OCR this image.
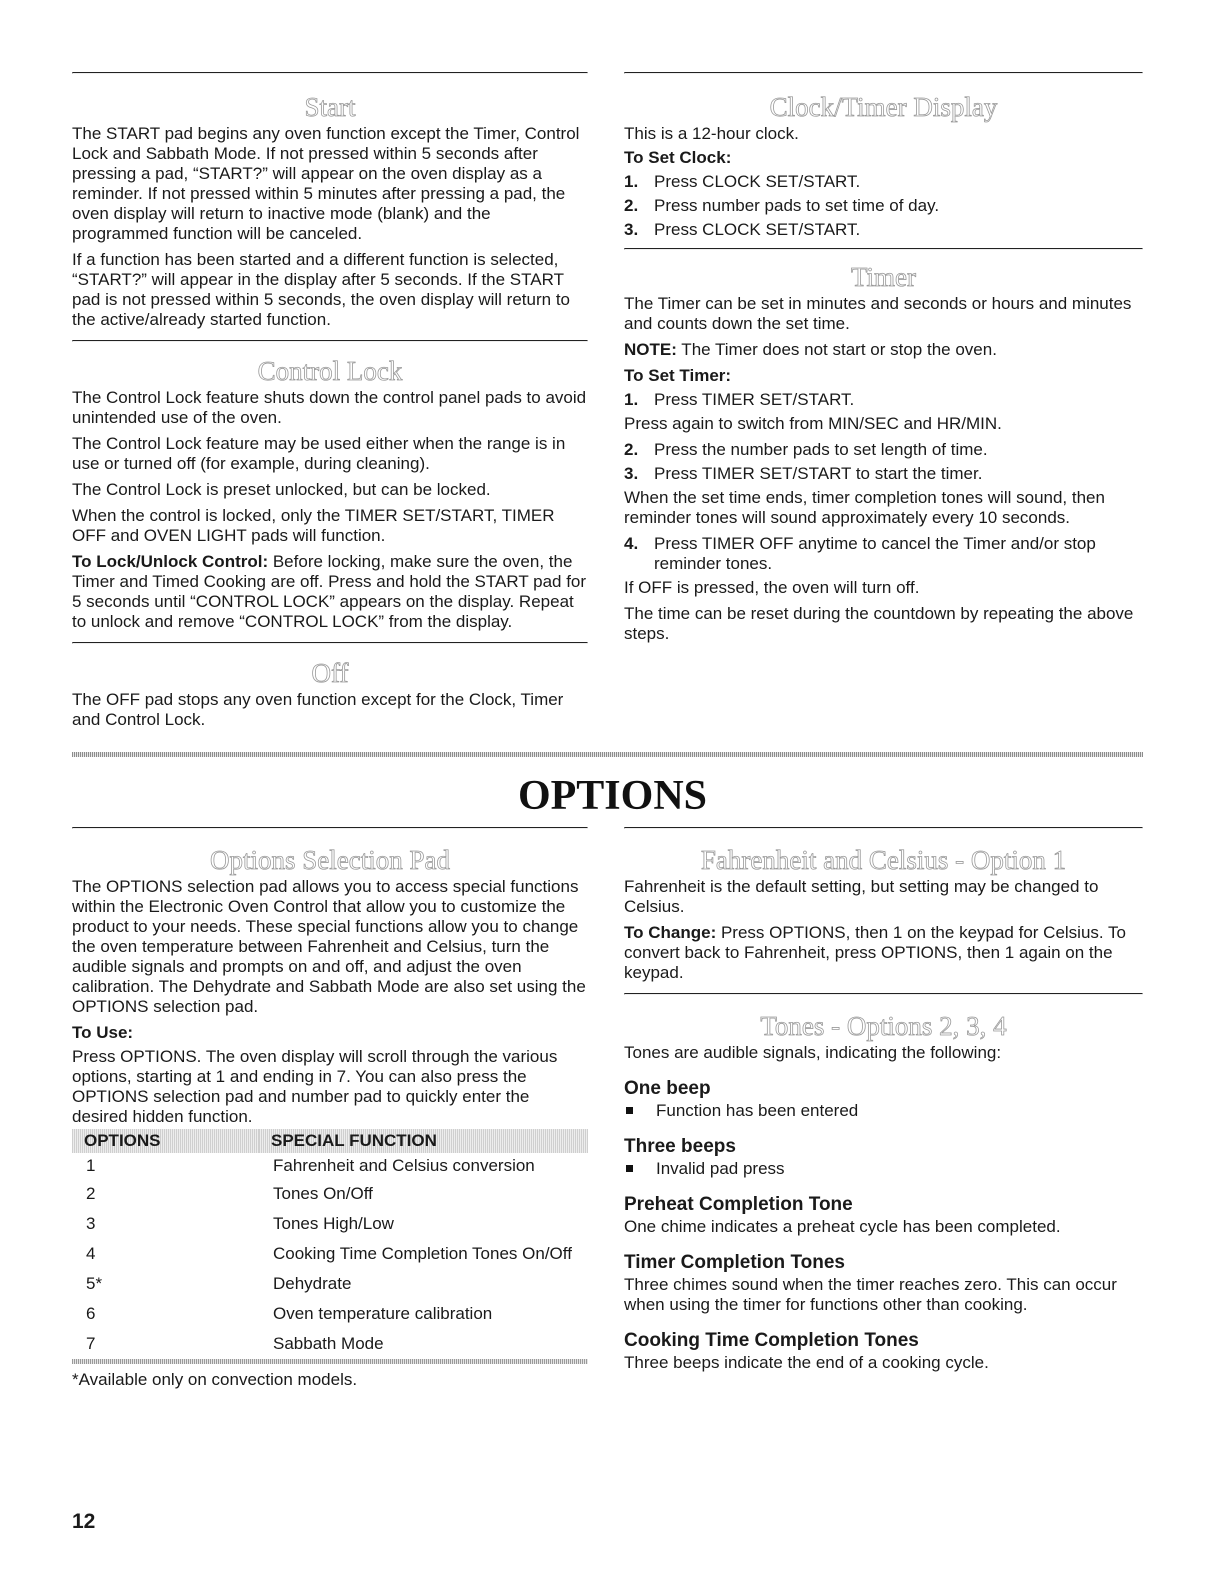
Start

The START pad begins any oven function except the Timer, Control Lock and Sabbath Mode. If not pressed within 5 seconds after pressing a pad, “START?” will appear on the oven display as a reminder. If not pressed within 5 minutes after pressing a pad, the oven display will return to inactive mode (blank) and the programmed function will be canceled.

If a function has been started and a different function is selected, “START?” will appear in the display after 5 seconds. If the START pad is not pressed within 5 seconds, the oven display will return to the active/already started function.

Control Lock

The Control Lock feature shuts down the control panel pads to avoid unintended use of the oven.

The Control Lock feature may be used either when the range is in use or turned off (for example, during cleaning).

The Control Lock is preset unlocked, but can be locked.

When the control is locked, only the TIMER SET/START, TIMER OFF and OVEN LIGHT pads will function.

To Lock/Unlock Control: Before locking, make sure the oven, the Timer and Timed Cooking are off. Press and hold the START pad for 5 seconds until “CONTROL LOCK” appears on the display. Repeat to unlock and remove “CONTROL LOCK” from the display.

Off

The OFF pad stops any oven function except for the Clock, Timer and Control Lock.

Clock/Timer Display

This is a 12-hour clock.

To Set Clock:

1. Press CLOCK SET/START.
2. Press number pads to set time of day.
3. Press CLOCK SET/START.
Timer

The Timer can be set in minutes and seconds or hours and minutes and counts down the set time.

NOTE: The Timer does not start or stop the oven.

To Set Timer:

1. Press TIMER SET/START.

Press again to switch from MIN/SEC and HR/MIN.

2. Press the number pads to set length of time.
3. Press TIMER SET/START to start the timer.

When the set time ends, timer completion tones will sound, then reminder tones will sound approximately every 10 seconds.

4. Press TIMER OFF anytime to cancel the Timer and/or stop reminder tones.

If OFF is pressed, the oven will turn off.

The time can be reset during the countdown by repeating the above steps.

OPTIONS
Options Selection Pad

The OPTIONS selection pad allows you to access special functions within the Electronic Oven Control that allow you to customize the product to your needs. These special functions allow you to change the oven temperature between Fahrenheit and Celsius, turn the audible signals and prompts on and off, and adjust the oven calibration. The Dehydrate and Sabbath Mode are also set using the OPTIONS selection pad.

To Use:

Press OPTIONS. The oven display will scroll through the various options, starting at 1 and ending in 7. You can also press the OPTIONS selection pad and number pad to quickly enter the desired hidden function.

OPTIONS	SPECIAL FUNCTION
1	Fahrenheit and Celsius conversion
2	Tones On/Off
3	Tones High/Low
4	Cooking Time Completion Tones On/Off
5*	Dehydrate
6	Oven temperature calibration
7	Sabbath Mode

*Available only on convection models.

Fahrenheit and Celsius - Option 1

Fahrenheit is the default setting, but setting may be changed to Celsius.

To Change: Press OPTIONS, then 1 on the keypad for Celsius. To convert back to Fahrenheit, press OPTIONS, then 1 again on the keypad.

Tones - Options 2, 3, 4

Tones are audible signals, indicating the following:

One beep
Function has been entered
Three beeps
Invalid pad press
Preheat Completion Tone

One chime indicates a preheat cycle has been completed.

Timer Completion Tones

Three chimes sound when the timer reaches zero. This can occur when using the timer for functions other than cooking.

Cooking Time Completion Tones

Three beeps indicate the end of a cooking cycle.

12
